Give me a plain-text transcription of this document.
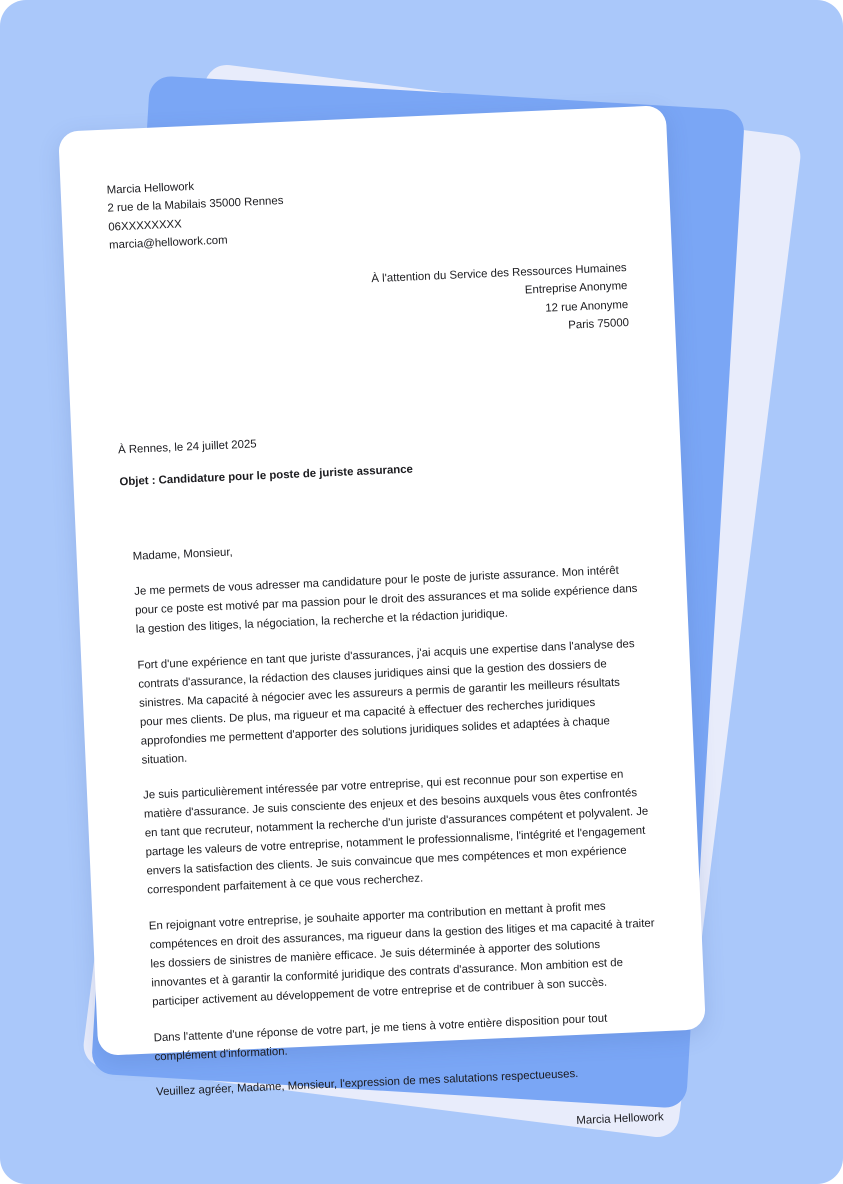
Marcia Hellowork
2 rue de la Mabilais 35000 Rennes
06XXXXXXXX
marcia@hellowork.com

À l'attention du Service des Ressources Humaines
Entreprise Anonyme
12 rue Anonyme
Paris 75000

À Rennes, le 24 juillet 2025

Objet : Candidature pour le poste de juriste assurance

Madame, Monsieur,

Je me permets de vous adresser ma candidature pour le poste de juriste assurance. Mon intérêt pour ce poste est motivé par ma passion pour le droit des assurances et ma solide expérience dans la gestion des litiges, la négociation, la recherche et la rédaction juridique.

Fort d'une expérience en tant que juriste d'assurances, j'ai acquis une expertise dans l'analyse des contrats d'assurance, la rédaction des clauses juridiques ainsi que la gestion des dossiers de sinistres. Ma capacité à négocier avec les assureurs a permis de garantir les meilleurs résultats pour mes clients. De plus, ma rigueur et ma capacité à effectuer des recherches juridiques approfondies me permettent d'apporter des solutions juridiques solides et adaptées à chaque situation.

Je suis particulièrement intéressée par votre entreprise, qui est reconnue pour son expertise en matière d'assurance. Je suis consciente des enjeux et des besoins auxquels vous êtes confrontés en tant que recruteur, notamment la recherche d'un juriste d'assurances compétent et polyvalent. Je partage les valeurs de votre entreprise, notamment le professionnalisme, l'intégrité et l'engagement envers la satisfaction des clients. Je suis convaincue que mes compétences et mon expérience correspondent parfaitement à ce que vous recherchez.

En rejoignant votre entreprise, je souhaite apporter ma contribution en mettant à profit mes compétences en droit des assurances, ma rigueur dans la gestion des litiges et ma capacité à traiter les dossiers de sinistres de manière efficace. Je suis déterminée à apporter des solutions innovantes et à garantir la conformité juridique des contrats d'assurance. Mon ambition est de participer activement au développement de votre entreprise et de contribuer à son succès.

Dans l'attente d'une réponse de votre part, je me tiens à votre entière disposition pour tout complément d'information.

Veuillez agréer, Madame, Monsieur, l'expression de mes salutations respectueuses.

Marcia Hellowork
